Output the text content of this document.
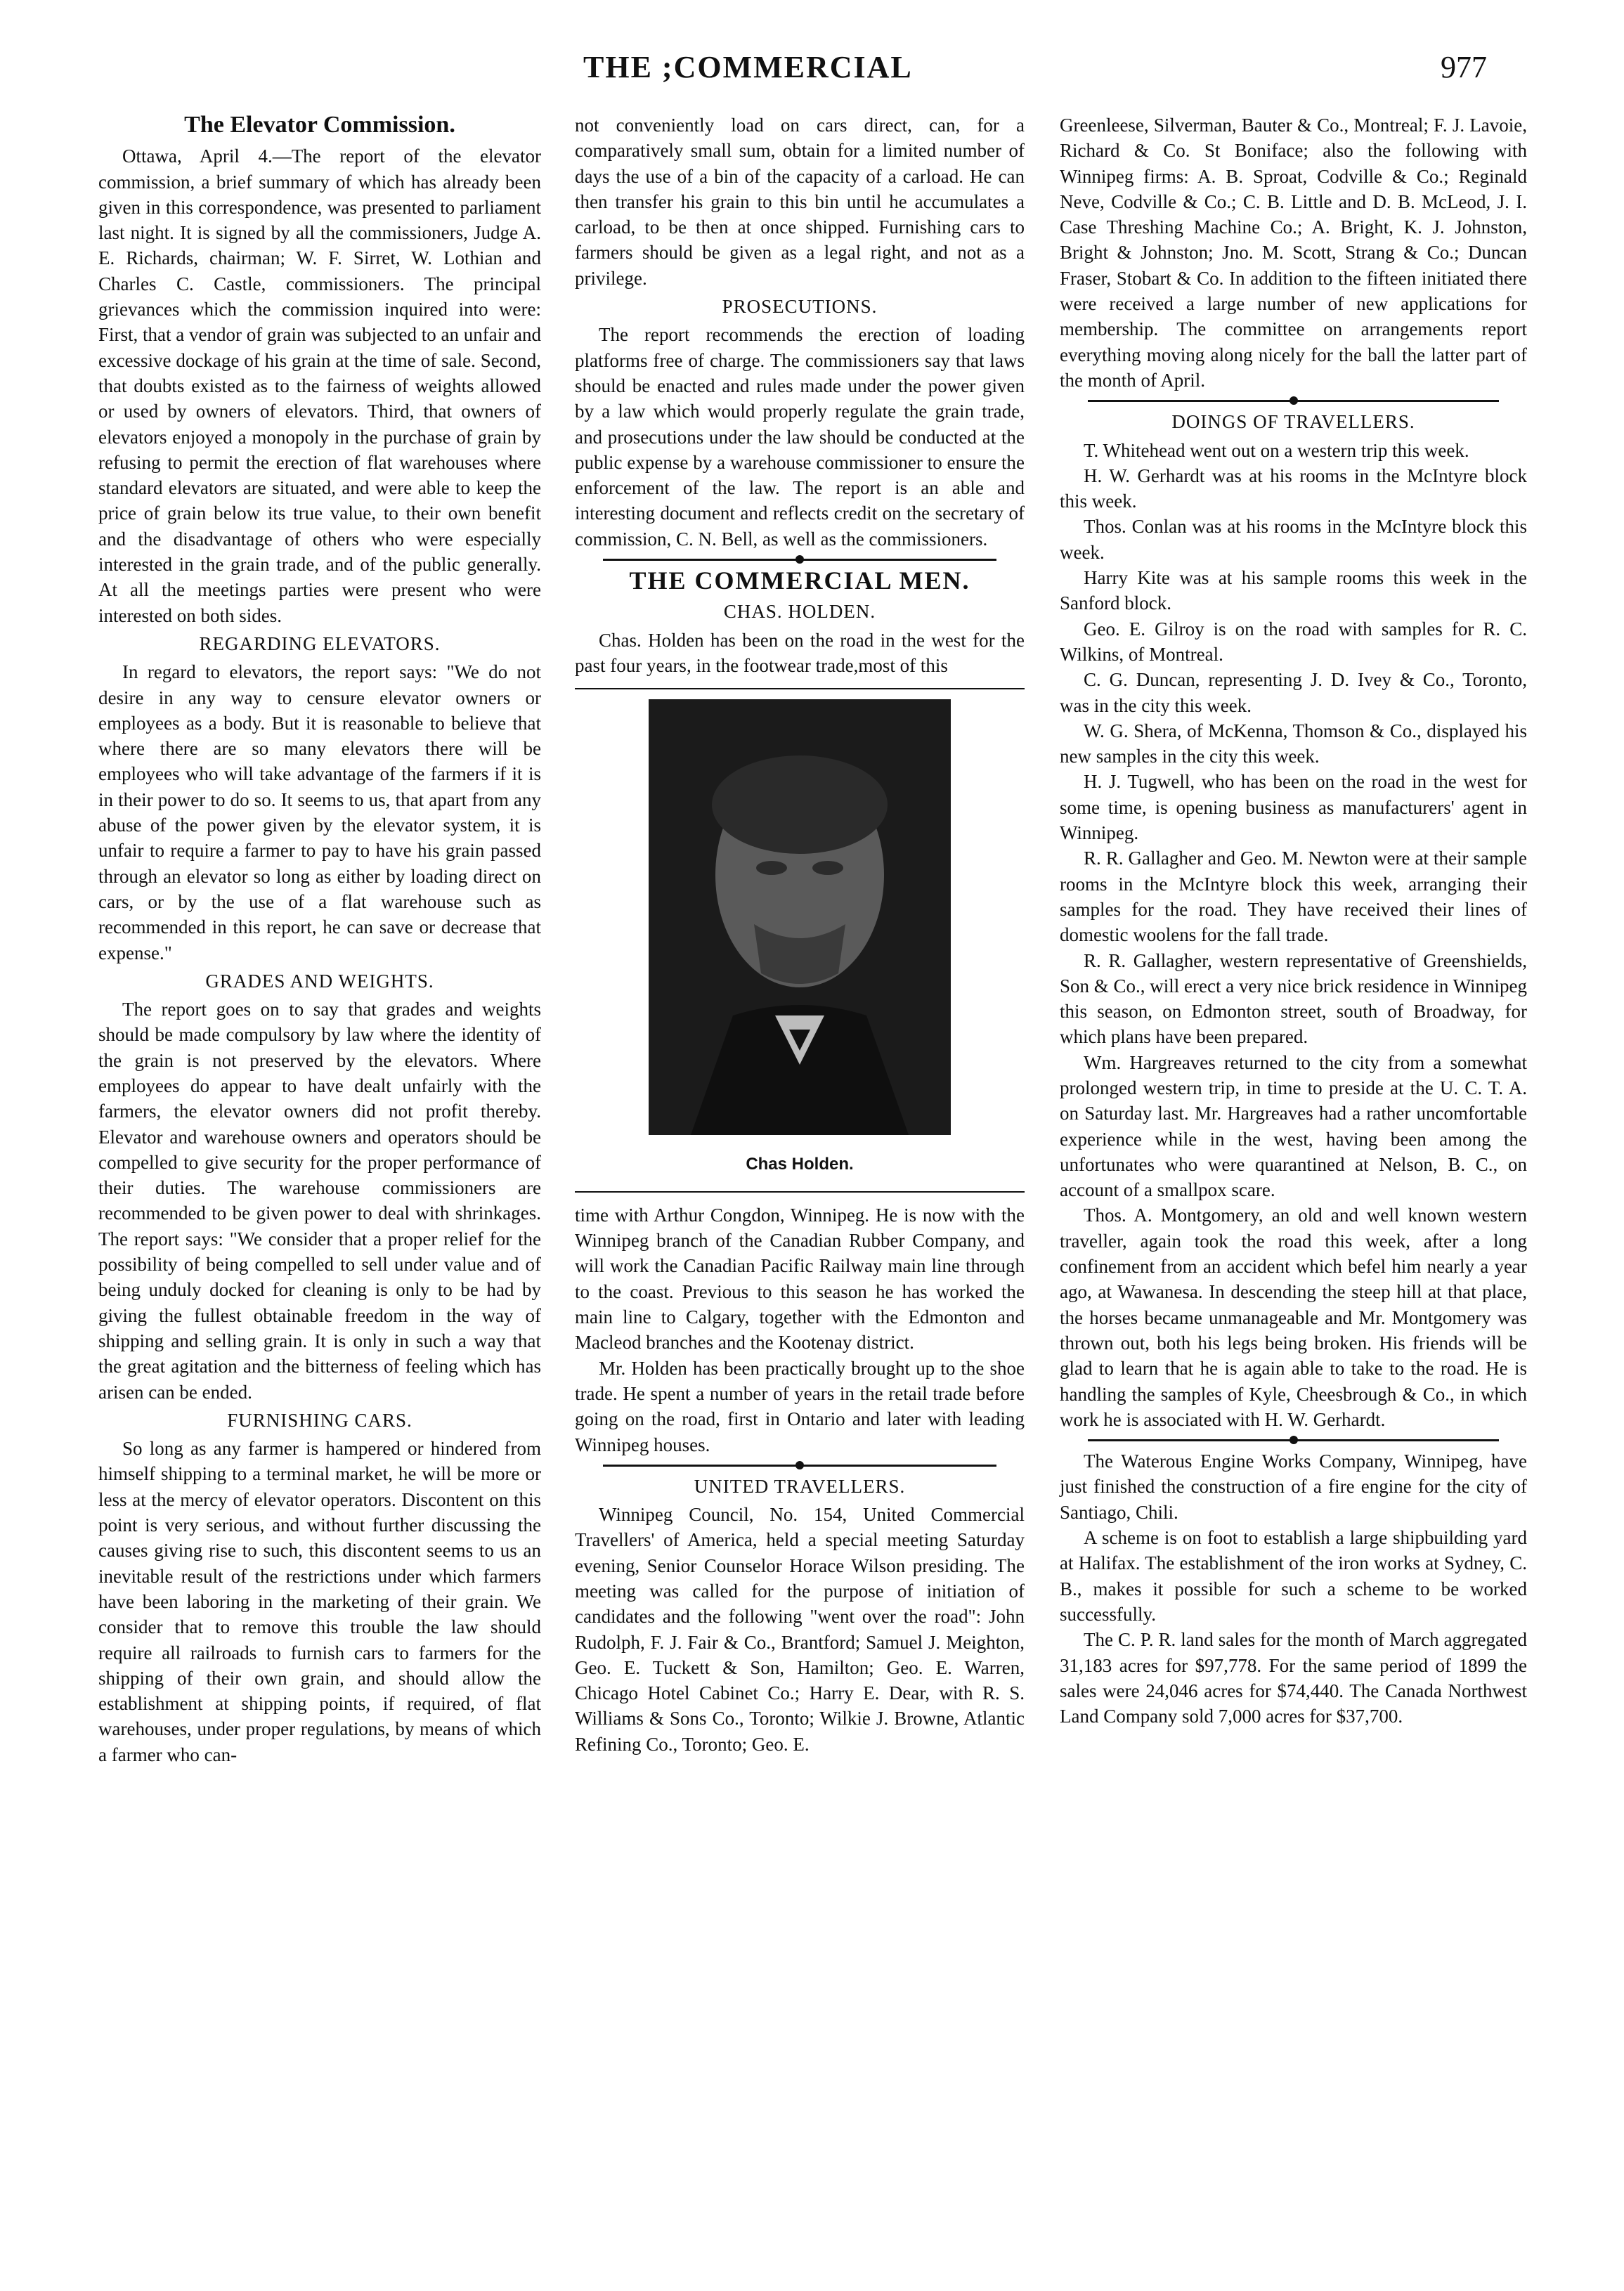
THE ;COMMERCIAL	977
The Elevator Commission.

Ottawa, April 4.—The report of the elevator commission, a brief summary of which has already been given in this correspondence, was presented to parliament last night. It is signed by all the commissioners, Judge A. E. Richards, chairman; W. F. Sirret, W. Lothian and Charles C. Castle, commissioners. The principal grievances which the commission inquired into were: First, that a vendor of grain was subjected to an unfair and excessive dockage of his grain at the time of sale. Second, that doubts existed as to the fairness of weights allowed or used by owners of elevators. Third, that owners of elevators enjoyed a monopoly in the purchase of grain by refusing to permit the erection of flat warehouses where standard elevators are situated, and were able to keep the price of grain below its true value, to their own benefit and the disadvantage of others who were especially interested in the grain trade, and of the public generally. At all the meetings parties were present who were interested on both sides.

REGARDING ELEVATORS.

In regard to elevators, the report says: "We do not desire in any way to censure elevator owners or employees as a body. But it is reasonable to believe that where there are so many elevators there will be employees who will take advantage of the farmers if it is in their power to do so. It seems to us, that apart from any abuse of the power given by the elevator system, it is unfair to require a farmer to pay to have his grain passed through an elevator so long as either by loading direct on cars, or by the use of a flat warehouse such as recommended in this report, he can save or decrease that expense."

GRADES AND WEIGHTS.

The report goes on to say that grades and weights should be made compulsory by law where the identity of the grain is not preserved by the elevators. Where employees do appear to have dealt unfairly with the farmers, the elevator owners did not profit thereby. Elevator and warehouse owners and operators should be compelled to give security for the proper performance of their duties. The warehouse commissioners are recommended to be given power to deal with shrinkages. The report says: "We consider that a proper relief for the possibility of being compelled to sell under value and of being unduly docked for cleaning is only to be had by giving the fullest obtainable freedom in the way of shipping and selling grain. It is only in such a way that the great agitation and the bitterness of feeling which has arisen can be ended.

FURNISHING CARS.

So long as any farmer is hampered or hindered from himself shipping to a terminal market, he will be more or less at the mercy of elevator operators. Discontent on this point is very serious, and without further discussing the causes giving rise to such, this discontent seems to us an inevitable result of the restrictions under which farmers have been laboring in the marketing of their grain. We consider that to remove this trouble the law should require all railroads to furnish cars to farmers for the shipping of their own grain, and should allow the establishment at shipping points, if required, of flat warehouses, under proper regulations, by means of which a farmer who can-

not conveniently load on cars direct, can, for a comparatively small sum, obtain for a limited number of days the use of a bin of the capacity of a carload. He can then transfer his grain to this bin until he accumulates a carload, to be then at once shipped. Furnishing cars to farmers should be given as a legal right, and not as a privilege.

PROSECUTIONS.

The report recommends the erection of loading platforms free of charge. The commissioners say that laws should be enacted and rules made under the power given by a law which would properly regulate the grain trade, and prosecutions under the law should be conducted at the public expense by a warehouse commissioner to ensure the enforcement of the law. The report is an able and interesting document and reflects credit on the secretary of commission, C. N. Bell, as well as the commissioners.

THE COMMERCIAL MEN.
CHAS. HOLDEN.

Chas. Holden has been on the road in the west for the past four years, in the footwear trade,most of this

Chas Holden.

time with Arthur Congdon, Winnipeg. He is now with the Winnipeg branch of the Canadian Rubber Company, and will work the Canadian Pacific Railway main line through to the coast. Previous to this season he has worked the main line to Calgary, together with the Edmonton and Macleod branches and the Kootenay district.

Mr. Holden has been practically brought up to the shoe trade. He spent a number of years in the retail trade before going on the road, first in Ontario and later with leading Winnipeg houses.

UNITED TRAVELLERS.

Winnipeg Council, No. 154, United Commercial Travellers' of America, held a special meeting Saturday evening, Senior Counselor Horace Wilson presiding. The meeting was called for the purpose of initiation of candidates and the following "went over the road": John Rudolph, F. J. Fair & Co., Brantford; Samuel J. Meighton, Geo. E. Tuckett & Son, Hamilton; Geo. E. Warren, Chicago Hotel Cabinet Co.; Harry E. Dear, with R. S. Williams & Sons Co., Toronto; Wilkie J. Browne, Atlantic Refining Co., Toronto; Geo. E.

Greenleese, Silverman, Bauter & Co., Montreal; F. J. Lavoie, Richard & Co. St Boniface; also the following with Winnipeg firms: A. B. Sproat, Codville & Co.; Reginald Neve, Codville & Co.; C. B. Little and D. B. McLeod, J. I. Case Threshing Machine Co.; A. Bright, K. J. Johnston, Bright & Johnston; Jno. M. Scott, Strang & Co.; Duncan Fraser, Stobart & Co. In addition to the fifteen initiated there were received a large number of new applications for membership. The committee on arrangements report everything moving along nicely for the ball the latter part of the month of April.

DOINGS OF TRAVELLERS.

T. Whitehead went out on a western trip this week.

H. W. Gerhardt was at his rooms in the McIntyre block this week.

Thos. Conlan was at his rooms in the McIntyre block this week.

Harry Kite was at his sample rooms this week in the Sanford block.

Geo. E. Gilroy is on the road with samples for R. C. Wilkins, of Montreal.

C. G. Duncan, representing J. D. Ivey & Co., Toronto, was in the city this week.

W. G. Shera, of McKenna, Thomson & Co., displayed his new samples in the city this week.

H. J. Tugwell, who has been on the road in the west for some time, is opening business as manufacturers' agent in Winnipeg.

R. R. Gallagher and Geo. M. Newton were at their sample rooms in the McIntyre block this week, arranging their samples for the road. They have received their lines of domestic woolens for the fall trade.

R. R. Gallagher, western representative of Greenshields, Son & Co., will erect a very nice brick residence in Winnipeg this season, on Edmonton street, south of Broadway, for which plans have been prepared.

Wm. Hargreaves returned to the city from a somewhat prolonged western trip, in time to preside at the U. C. T. A. on Saturday last. Mr. Hargreaves had a rather uncomfortable experience while in the west, having been among the unfortunates who were quarantined at Nelson, B. C., on account of a smallpox scare.

Thos. A. Montgomery, an old and well known western traveller, again took the road this week, after a long confinement from an accident which befel him nearly a year ago, at Wawanesa. In descending the steep hill at that place, the horses became unmanageable and Mr. Montgomery was thrown out, both his legs being broken. His friends will be glad to learn that he is again able to take to the road. He is handling the samples of Kyle, Cheesbrough & Co., in which work he is associated with H. W. Gerhardt.

The Waterous Engine Works Company, Winnipeg, have just finished the construction of a fire engine for the city of Santiago, Chili.

A scheme is on foot to establish a large shipbuilding yard at Halifax. The establishment of the iron works at Sydney, C. B., makes it possible for such a scheme to be worked successfully.

The C. P. R. land sales for the month of March aggregated 31,183 acres for $97,778. For the same period of 1899 the sales were 24,046 acres for $74,440. The Canada Northwest Land Company sold 7,000 acres for $37,700.
